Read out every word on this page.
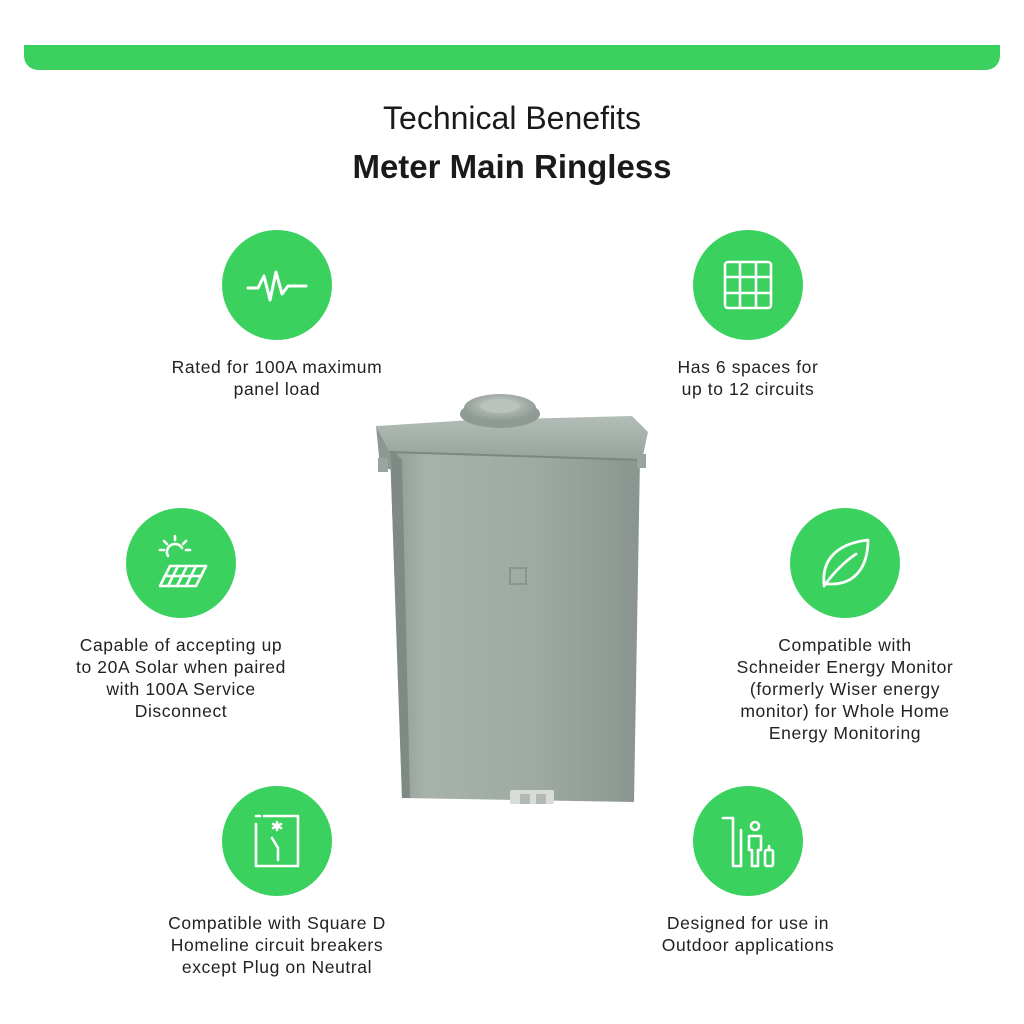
Technical Benefits
Meter Main Ringless
Rated for 100A maximum
panel load
Has 6 spaces for
up to 12 circuits
Capable of accepting up
to 20A Solar when paired
with 100A Service
Disconnect
Compatible with
Schneider Energy Monitor
(formerly Wiser energy
monitor) for Whole Home
Energy Monitoring
Compatible with Square D
Homeline circuit breakers
except Plug on Neutral
Designed for use in
Outdoor applications
